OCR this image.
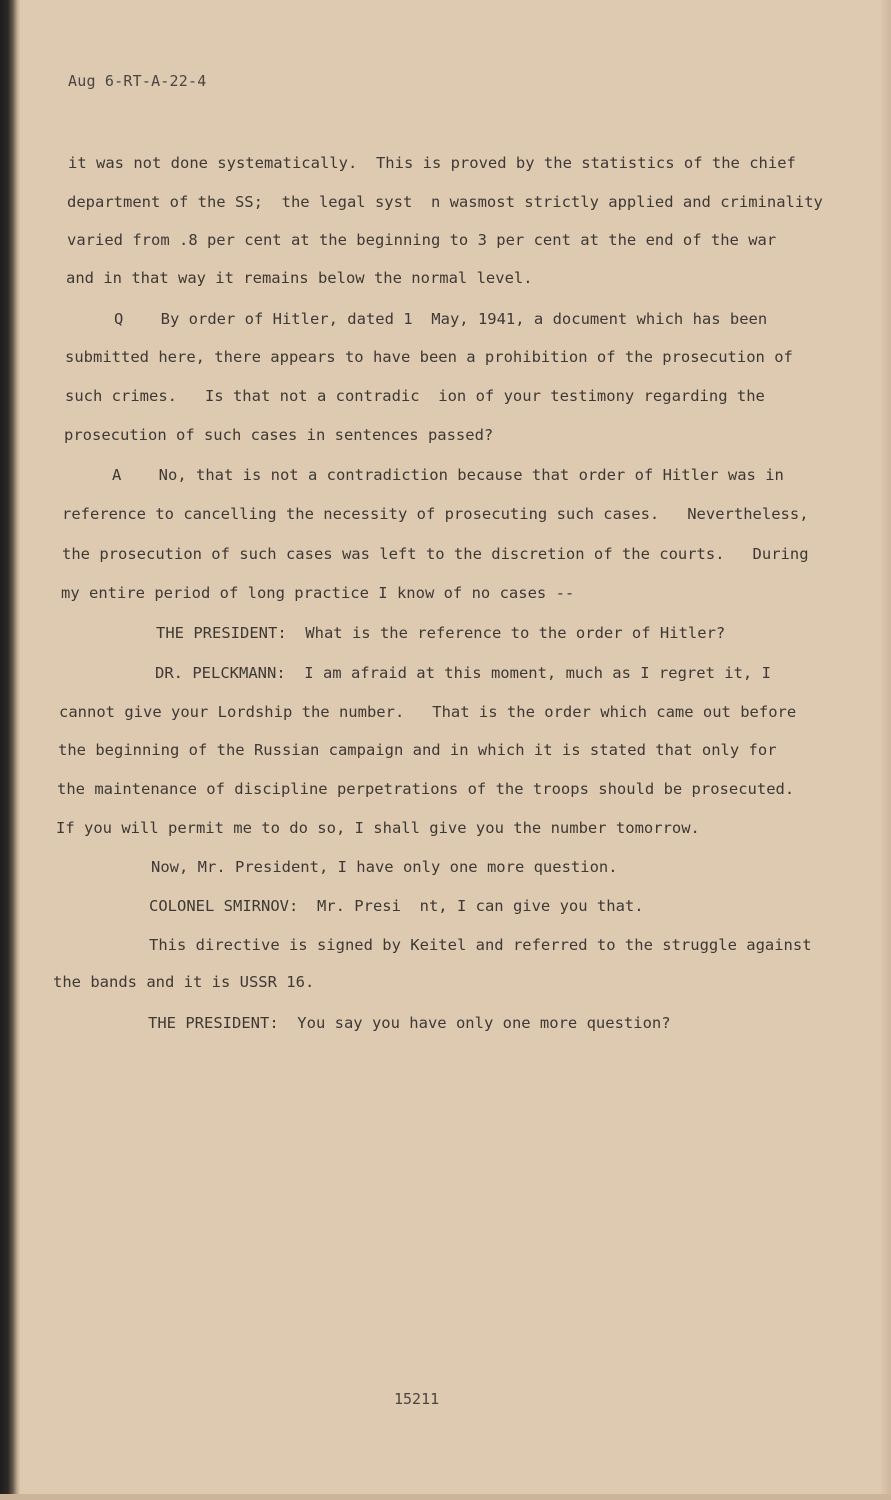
Aug 6-RT-A-22-4
it was not done systematically.  This is proved by the statistics of the chief
department of the SS;  the legal syst  n wasmost strictly applied and criminality
varied from .8 per cent at the beginning to 3 per cent at the end of the war
and in that way it remains below the normal level.
Q    By order of Hitler, dated 1  May, 1941, a document which has been
submitted here, there appears to have been a prohibition of the prosecution of
such crimes.   Is that not a contradic  ion of your testimony regarding the
prosecution of such cases in sentences passed?
A    No, that is not a contradiction because that order of Hitler was in
reference to cancelling the necessity of prosecuting such cases.   Nevertheless,
the prosecution of such cases was left to the discretion of the courts.   During
my entire period of long practice I know of no cases --
THE PRESIDENT:  What is the reference to the order of Hitler?
DR. PELCKMANN:  I am afraid at this moment, much as I regret it, I
cannot give your Lordship the number.   That is the order which came out before
the beginning of the Russian campaign and in which it is stated that only for
the maintenance of discipline perpetrations of the troops should be prosecuted.
If you will permit me to do so, I shall give you the number tomorrow.
Now, Mr. President, I have only one more question.
COLONEL SMIRNOV:  Mr. Presi  nt, I can give you that.
This directive is signed by Keitel and referred to the struggle against
the bands and it is USSR 16.
THE PRESIDENT:  You say you have only one more question?
15211
